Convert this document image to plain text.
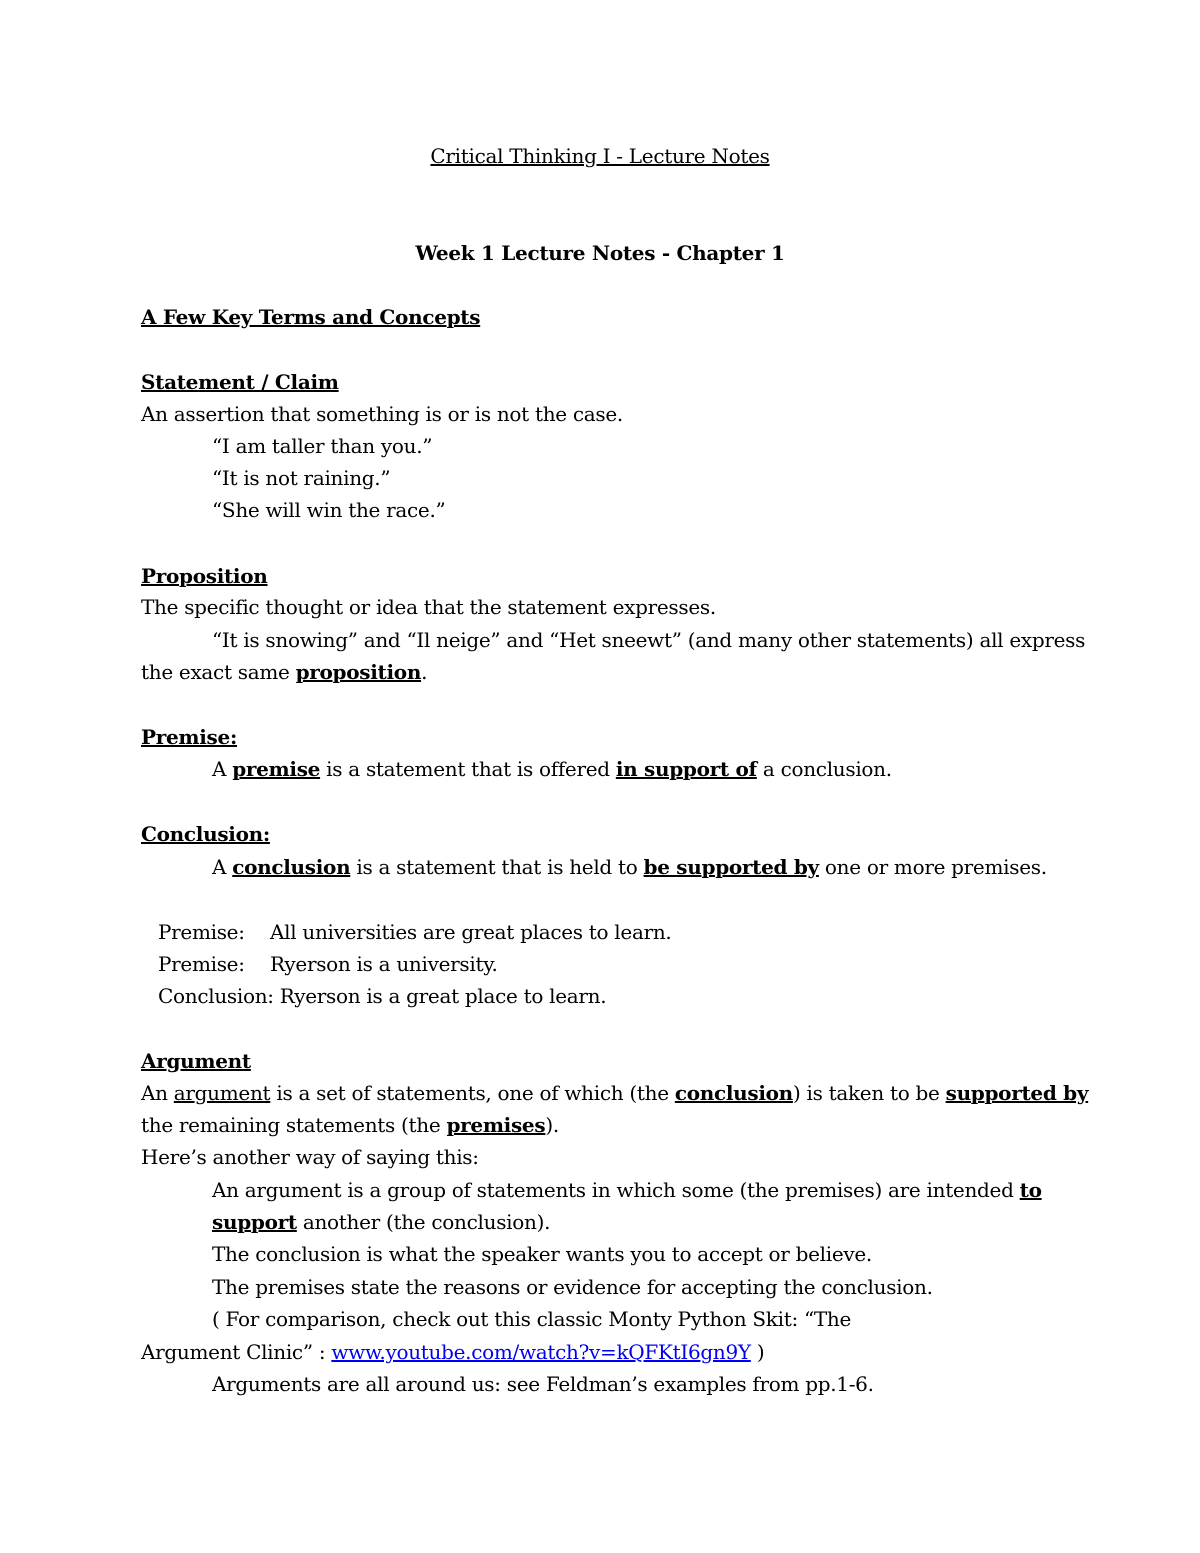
Critical Thinking I - Lecture Notes
Week 1 Lecture Notes - Chapter 1
A Few Key Terms and Concepts
Statement / Claim
An assertion that something is or is not the case.
“I am taller than you.”
“It is not raining.”
“She will win the race.”
Proposition
The specific thought or idea that the statement expresses.
“It is snowing” and “Il neige” and “Het sneewt” (and many other statements) all express
the exact same proposition.
Premise:
A premise is a statement that is offered in support of a conclusion.
Conclusion:
A conclusion is a statement that is held to be supported by one or more premises.
Premise: All universities are great places to learn.
Premise: Ryerson is a university.
Conclusion: Ryerson is a great place to learn.
Argument
An argument is a set of statements, one of which (the conclusion) is taken to be supported by
the remaining statements (the premises).
Here’s another way of saying this:
An argument is a group of statements in which some (the premises) are intended to
support another (the conclusion).
The conclusion is what the speaker wants you to accept or believe.
The premises state the reasons or evidence for accepting the conclusion.
( For comparison, check out this classic Monty Python Skit: “The
Argument Clinic” : www.youtube.com/watch?v=kQFKtI6gn9Y )
Arguments are all around us: see Feldman’s examples from pp.1-6.
